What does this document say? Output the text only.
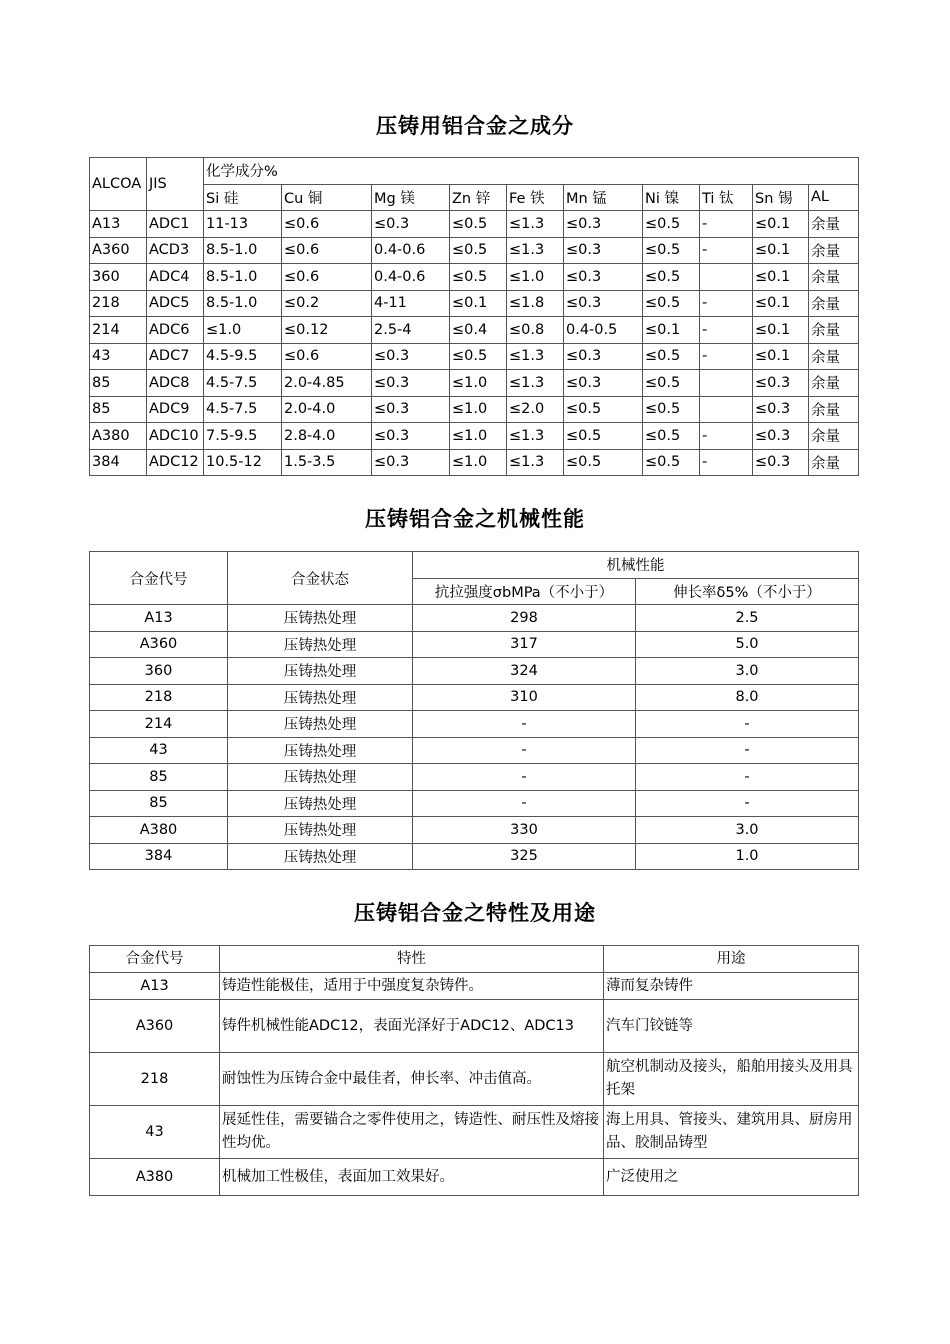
压铸用铝合金之成分
ALCOA	JIS	化学成分%									
		Si 硅	Cu 铜	Mg 镁	Zn 锌	Fe 铁	Mn 锰	Ni 镍	Ti 钛	Sn 锡	AL
A13	ADC1	11-13	≤0.6	≤0.3	≤0.5	≤1.3	≤0.3	≤0.5	-	≤0.1	余量
A360	ACD3	8.5-1.0	≤0.6	0.4-0.6	≤0.5	≤1.3	≤0.3	≤0.5	-	≤0.1	余量
360	ADC4	8.5-1.0	≤0.6	0.4-0.6	≤0.5	≤1.0	≤0.3	≤0.5		≤0.1	余量
218	ADC5	8.5-1.0	≤0.2	4-11	≤0.1	≤1.8	≤0.3	≤0.5	-	≤0.1	余量
214	ADC6	≤1.0	≤0.12	2.5-4	≤0.4	≤0.8	0.4-0.5	≤0.1	-	≤0.1	余量
43	ADC7	4.5-9.5	≤0.6	≤0.3	≤0.5	≤1.3	≤0.3	≤0.5	-	≤0.1	余量
85	ADC8	4.5-7.5	2.0-4.85	≤0.3	≤1.0	≤1.3	≤0.3	≤0.5		≤0.3	余量
85	ADC9	4.5-7.5	2.0-4.0	≤0.3	≤1.0	≤2.0	≤0.5	≤0.5		≤0.3	余量
A380	ADC10	7.5-9.5	2.8-4.0	≤0.3	≤1.0	≤1.3	≤0.5	≤0.5	-	≤0.3	余量
384	ADC12	10.5-12	1.5-3.5	≤0.3	≤1.0	≤1.3	≤0.5	≤0.5	-	≤0.3	余量
压铸铝合金之机械性能
合金代号	合金状态	机械性能	
		抗拉强度σbMPa（不小于）	伸长率δ5%（不小于）
A13	压铸热处理	298	2.5
A360	压铸热处理	317	5.0
360	压铸热处理	324	3.0
218	压铸热处理	310	8.0
214	压铸热处理	-	-
43	压铸热处理	-	-
85	压铸热处理	-	-
85	压铸热处理	-	-
A380	压铸热处理	330	3.0
384	压铸热处理	325	1.0
压铸铝合金之特性及用途
合金代号	特性	用途
A13	铸造性能极佳，适用于中强度复杂铸件。	薄而复杂铸件
A360	铸件机械性能ADC12，表面光泽好于ADC12、ADC13	汽车门铰链等
218	耐蚀性为压铸合金中最佳者，伸长率、冲击值高。	航空机制动及接头，船舶用接头及用具托架
43	展延性佳，需要锚合之零件使用之，铸造性、耐压性及熔接性均优。	海上用具、管接头、建筑用具、厨房用品、胶制品铸型
A380	机械加工性极佳，表面加工效果好。	广泛使用之
